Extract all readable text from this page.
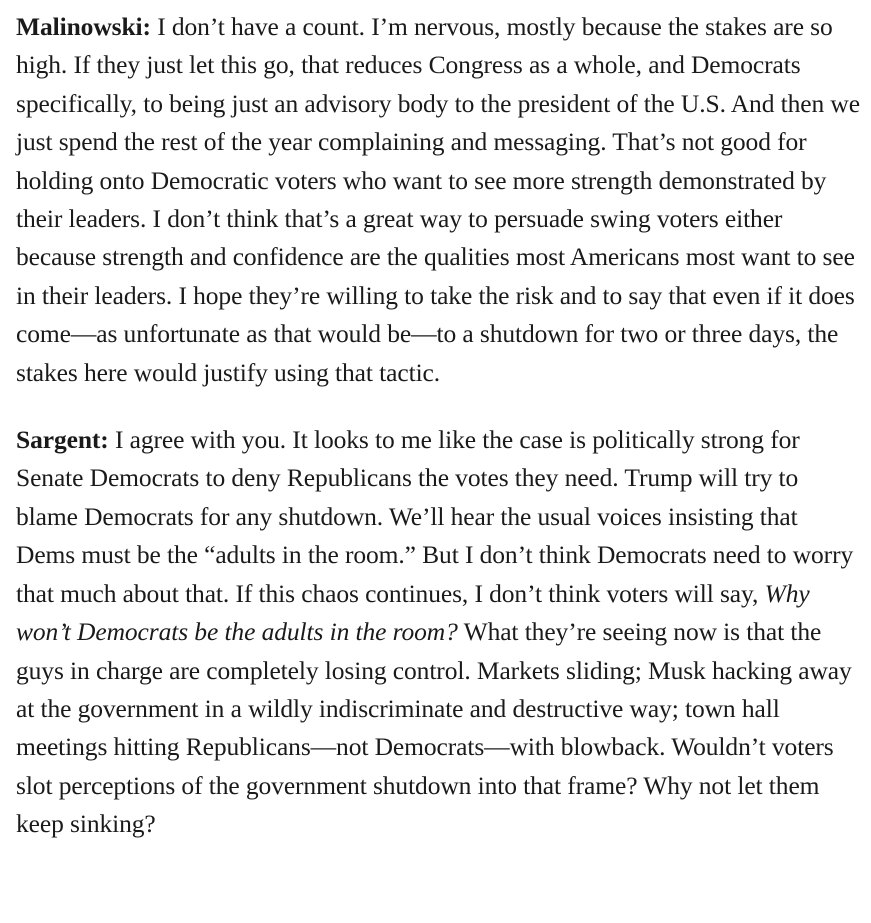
Malinowski: I don’t have a count. I’m nervous, mostly because the stakes are so high. If they just let this go, that reduces Congress as a whole, and Democrats specifically, to being just an advisory body to the president of the U.S. And then we just spend the rest of the year complaining and messaging. That’s not good for holding onto Democratic voters who want to see more strength demonstrated by their leaders. I don’t think that’s a great way to persuade swing voters either because strength and confidence are the qualities most Americans most want to see in their leaders. I hope they’re willing to take the risk and to say that even if it does come—as unfortunate as that would be—to a shutdown for two or three days, the stakes here would justify using that tactic.

Sargent: I agree with you. It looks to me like the case is politically strong for Senate Democrats to deny Republicans the votes they need. Trump will try to blame Democrats for any shutdown. We’ll hear the usual voices insisting that Dems must be the “adults in the room.” But I don’t think Democrats need to worry that much about that. If this chaos continues, I don’t think voters will say, Why won’t Democrats be the adults in the room? What they’re seeing now is that the guys in charge are completely losing control. Markets sliding; Musk hacking away at the government in a wildly indiscriminate and destructive way; town hall meetings hitting Republicans—not Democrats—with blowback. Wouldn’t voters slot perceptions of the government shutdown into that frame? Why not let them keep sinking?
